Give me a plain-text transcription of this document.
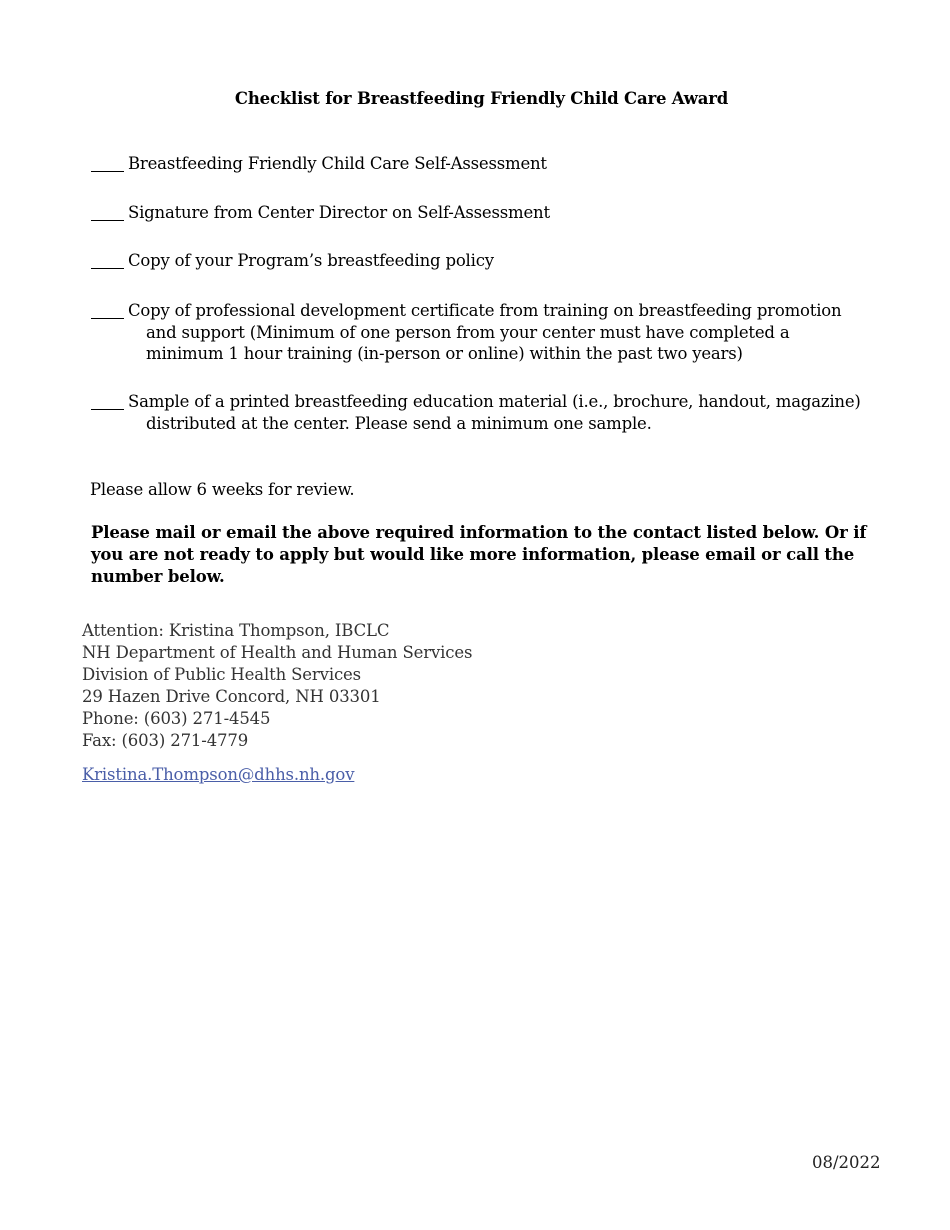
Checklist for Breastfeeding Friendly Child Care Award
Breastfeeding Friendly Child Care Self-Assessment
Signature from Center Director on Self-Assessment
Copy of your Program’s breastfeeding policy
Copy of professional development certificate from training on breastfeeding promotion and support (Minimum of one person from your center must have completed a minimum 1 hour training (in-person or online) within the past two years)
Sample of a printed breastfeeding education material (i.e., brochure, handout, magazine) distributed at the center. Please send a minimum one sample.
Please allow 6 weeks for review.
Please mail or email the above required information to the contact listed below. Or if you are not ready to apply but would like more information, please email or call the number below.
Attention: Kristina Thompson, IBCLC
NH Department of Health and Human Services
Division of Public Health Services
29 Hazen Drive Concord, NH 03301
Phone: (603) 271-4545
Fax: (603) 271-4779
Kristina.Thompson@dhhs.nh.gov
08/2022
